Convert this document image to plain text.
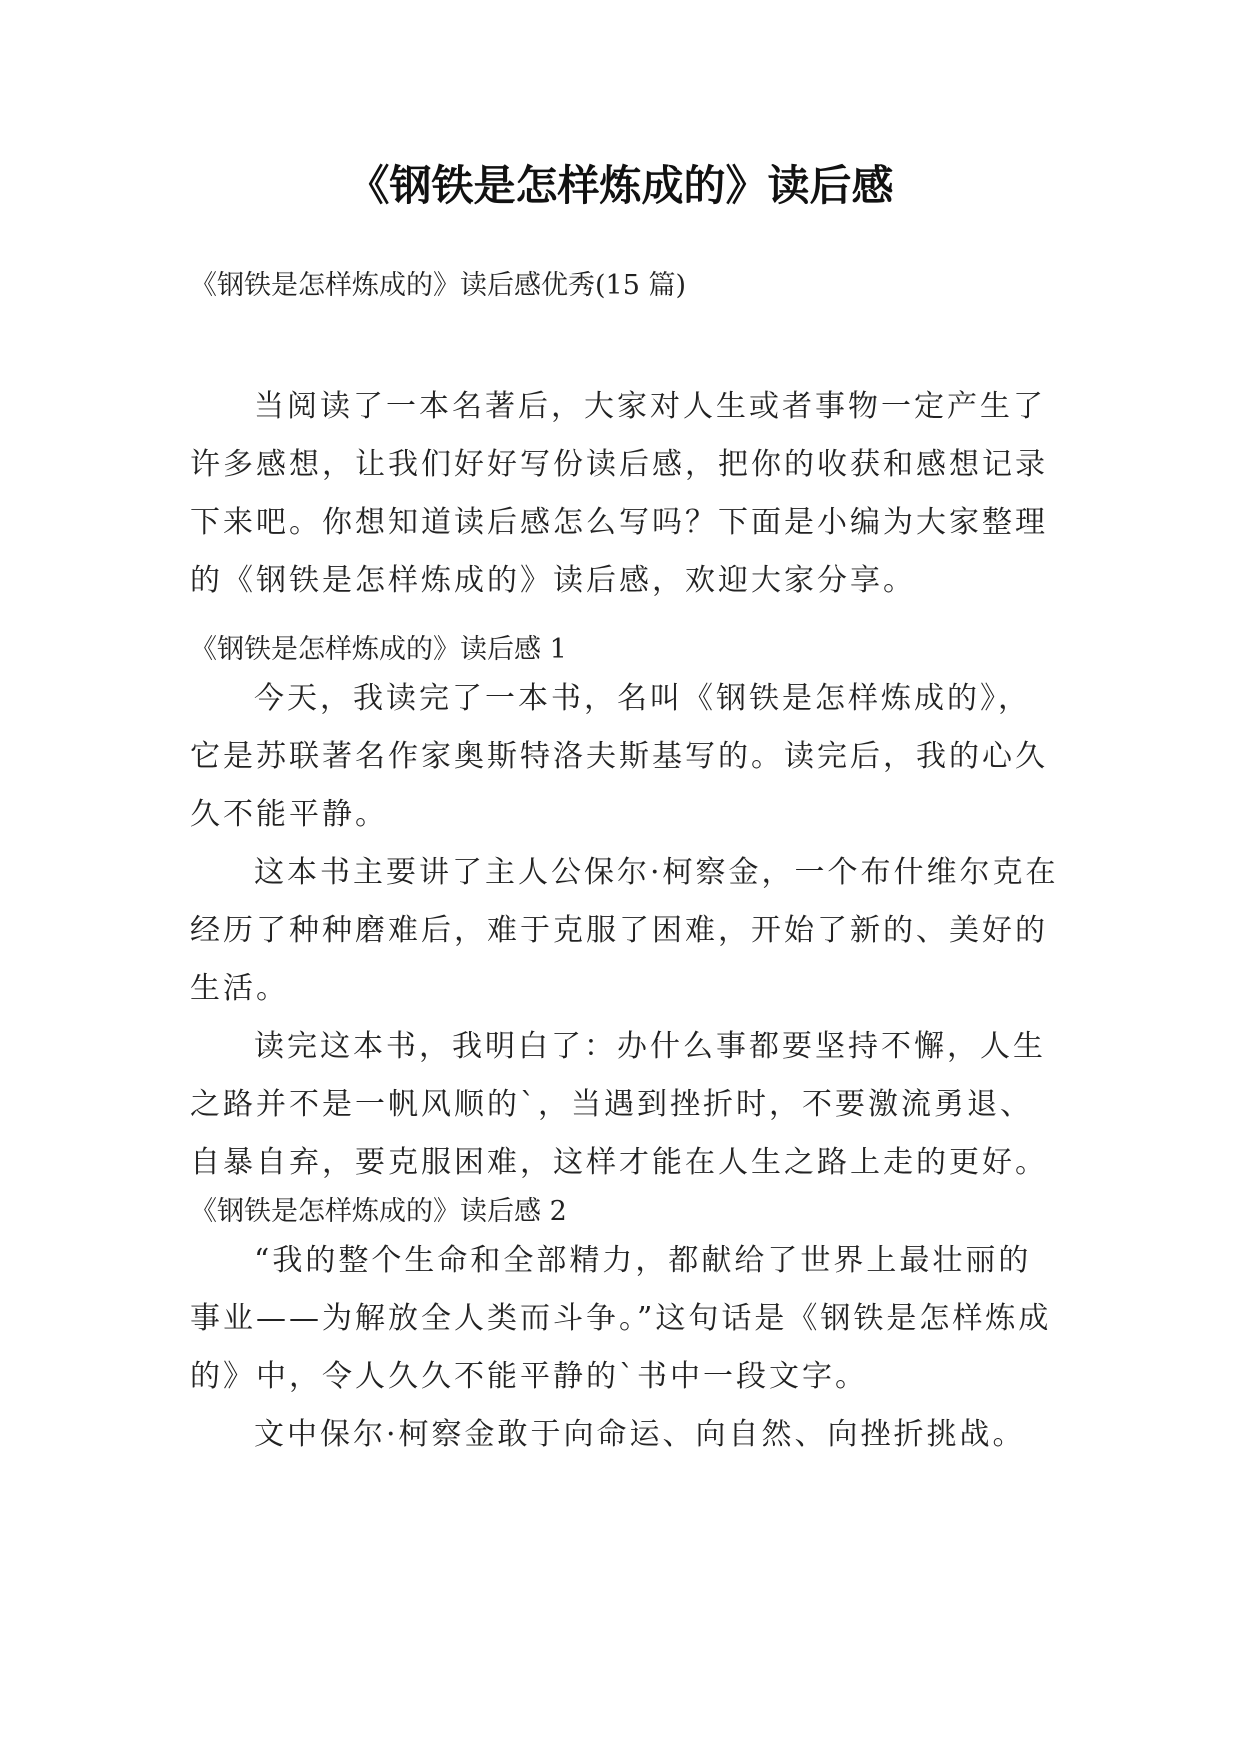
《钢铁是怎样炼成的》读后感

《钢铁是怎样炼成的》读后感优秀(15 篇)

当阅读了一本名著后，大家对人生或者事物一定产生了许多感想，让我们好好写份读后感，把你的收获和感想记录下来吧。你想知道读后感怎么写吗？下面是小编为大家整理的《钢铁是怎样炼成的》读后感，欢迎大家分享。

《钢铁是怎样炼成的》读后感 1

今天，我读完了一本书，名叫《钢铁是怎样炼成的》，它是苏联著名作家奥斯特洛夫斯基写的。读完后，我的心久久不能平静。

这本书主要讲了主人公保尔·柯察金，一个布什维尔克在经历了种种磨难后，难于克服了困难，开始了新的、美好的生活。

读完这本书，我明白了：办什么事都要坚持不懈，人生之路并不是一帆风顺的`，当遇到挫折时，不要激流勇退、自暴自弃，要克服困难，这样才能在人生之路上走的更好。

《钢铁是怎样炼成的》读后感 2

“我的整个生命和全部精力，都献给了世界上最壮丽的事业——为解放全人类而斗争。”这句话是《钢铁是怎样炼成的》中，令人久久不能平静的`书中一段文字。

文中保尔·柯察金敢于向命运、向自然、向挫折挑战。
